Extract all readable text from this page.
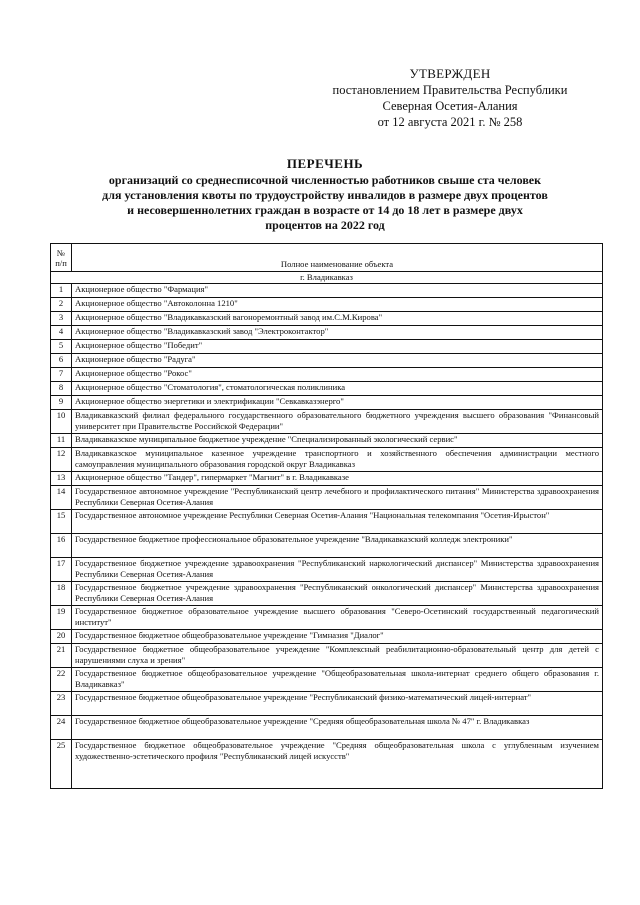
УТВЕРЖДЕН
постановлением Правительства Республики
Северная Осетия-Алания
от 12 августа 2021 г. № 258
ПЕРЕЧЕНЬ
организаций со среднесписочной численностью работников свыше ста человек
для установления квоты по трудоустройству инвалидов в размере двух процентов
и несовершеннолетних граждан в возрасте от 14 до 18 лет в размере двух
процентов на 2022 год
№
п/п	Полное наименование объекта
г. Владикавказ	
1	Акционерное общество "Фармация"
2	Акционерное общество "Автоколонна 1210"
3	Акционерное общество "Владикавказский вагоноремонтный завод им.С.М.Кирова"
4	Акционерное общество "Владикавказский завод "Электроконтактор"
5	Акционерное общество "Победит"
6	Акционерное общество "Радуга"
7	Акционерное общество "Рокос"
8	Акционерное общество "Стоматология", стоматологическая поликлиника
9	Акционерное общество энергетики и электрификации "Севкавказэнерго"
10	Владикавказский филиал федерального государственного образовательного бюджетного учреждения высшего образования "Финансовый университет при Правительстве Российской Федерации"
11	Владикавказское муниципальное бюджетное учреждение "Специализированный экологический сервис"
12	Владикавказское муниципальное казенное учреждение транспортного и хозяйственного обеспечения администрации местного самоуправления муниципального образования городской округ Владикавказ
13	Акционерное общество "Тандер", гипермаркет "Магнит" в г. Владикавказе
14	Государственное автономное учреждение "Республиканский центр лечебного и профилактического питания" Министерства здравоохранения Республики Северная Осетия-Алания
15	Государственное автономное учреждение Республики Северная Осетия-Алания "Национальная телекомпания "Осетия-Ирыстон"
16	Государственное бюджетное профессиональное образовательное учреждение "Владикавказский колледж электроники"
17	Государственное бюджетное учреждение здравоохранения "Республиканский наркологический диспансер" Министерства здравоохранения Республики Северная Осетия-Алания
18	Государственное бюджетное учреждение здравоохранения "Республиканский онкологический диспансер" Министерства здравоохранения Республики Северная Осетия-Алания
19	Государственное бюджетное образовательное учреждение высшего образования "Северо-Осетинский государственный педагогический институт"
20	Государственное бюджетное общеобразовательное учреждение "Гимназия "Диалог"
21	Государственное бюджетное общеобразовательное учреждение "Комплексный реабилитационно-образовательный центр для детей с нарушениями слуха и зрения"
22	Государственное бюджетное общеобразовательное учреждение "Общеобразовательная школа-интернат среднего общего образования г. Владикавказ"
23	Государственное бюджетное общеобразовательное учреждение "Республиканский физико-математический лицей-интернат"
24	Государственное бюджетное общеобразовательное учреждение "Средняя общеобразовательная школа № 47" г. Владикавказ
25	Государственное бюджетное общеобразовательное учреждение "Средняя общеобразовательная школа с углубленным изучением художественно-эстетического профиля "Республиканский лицей искусств"
